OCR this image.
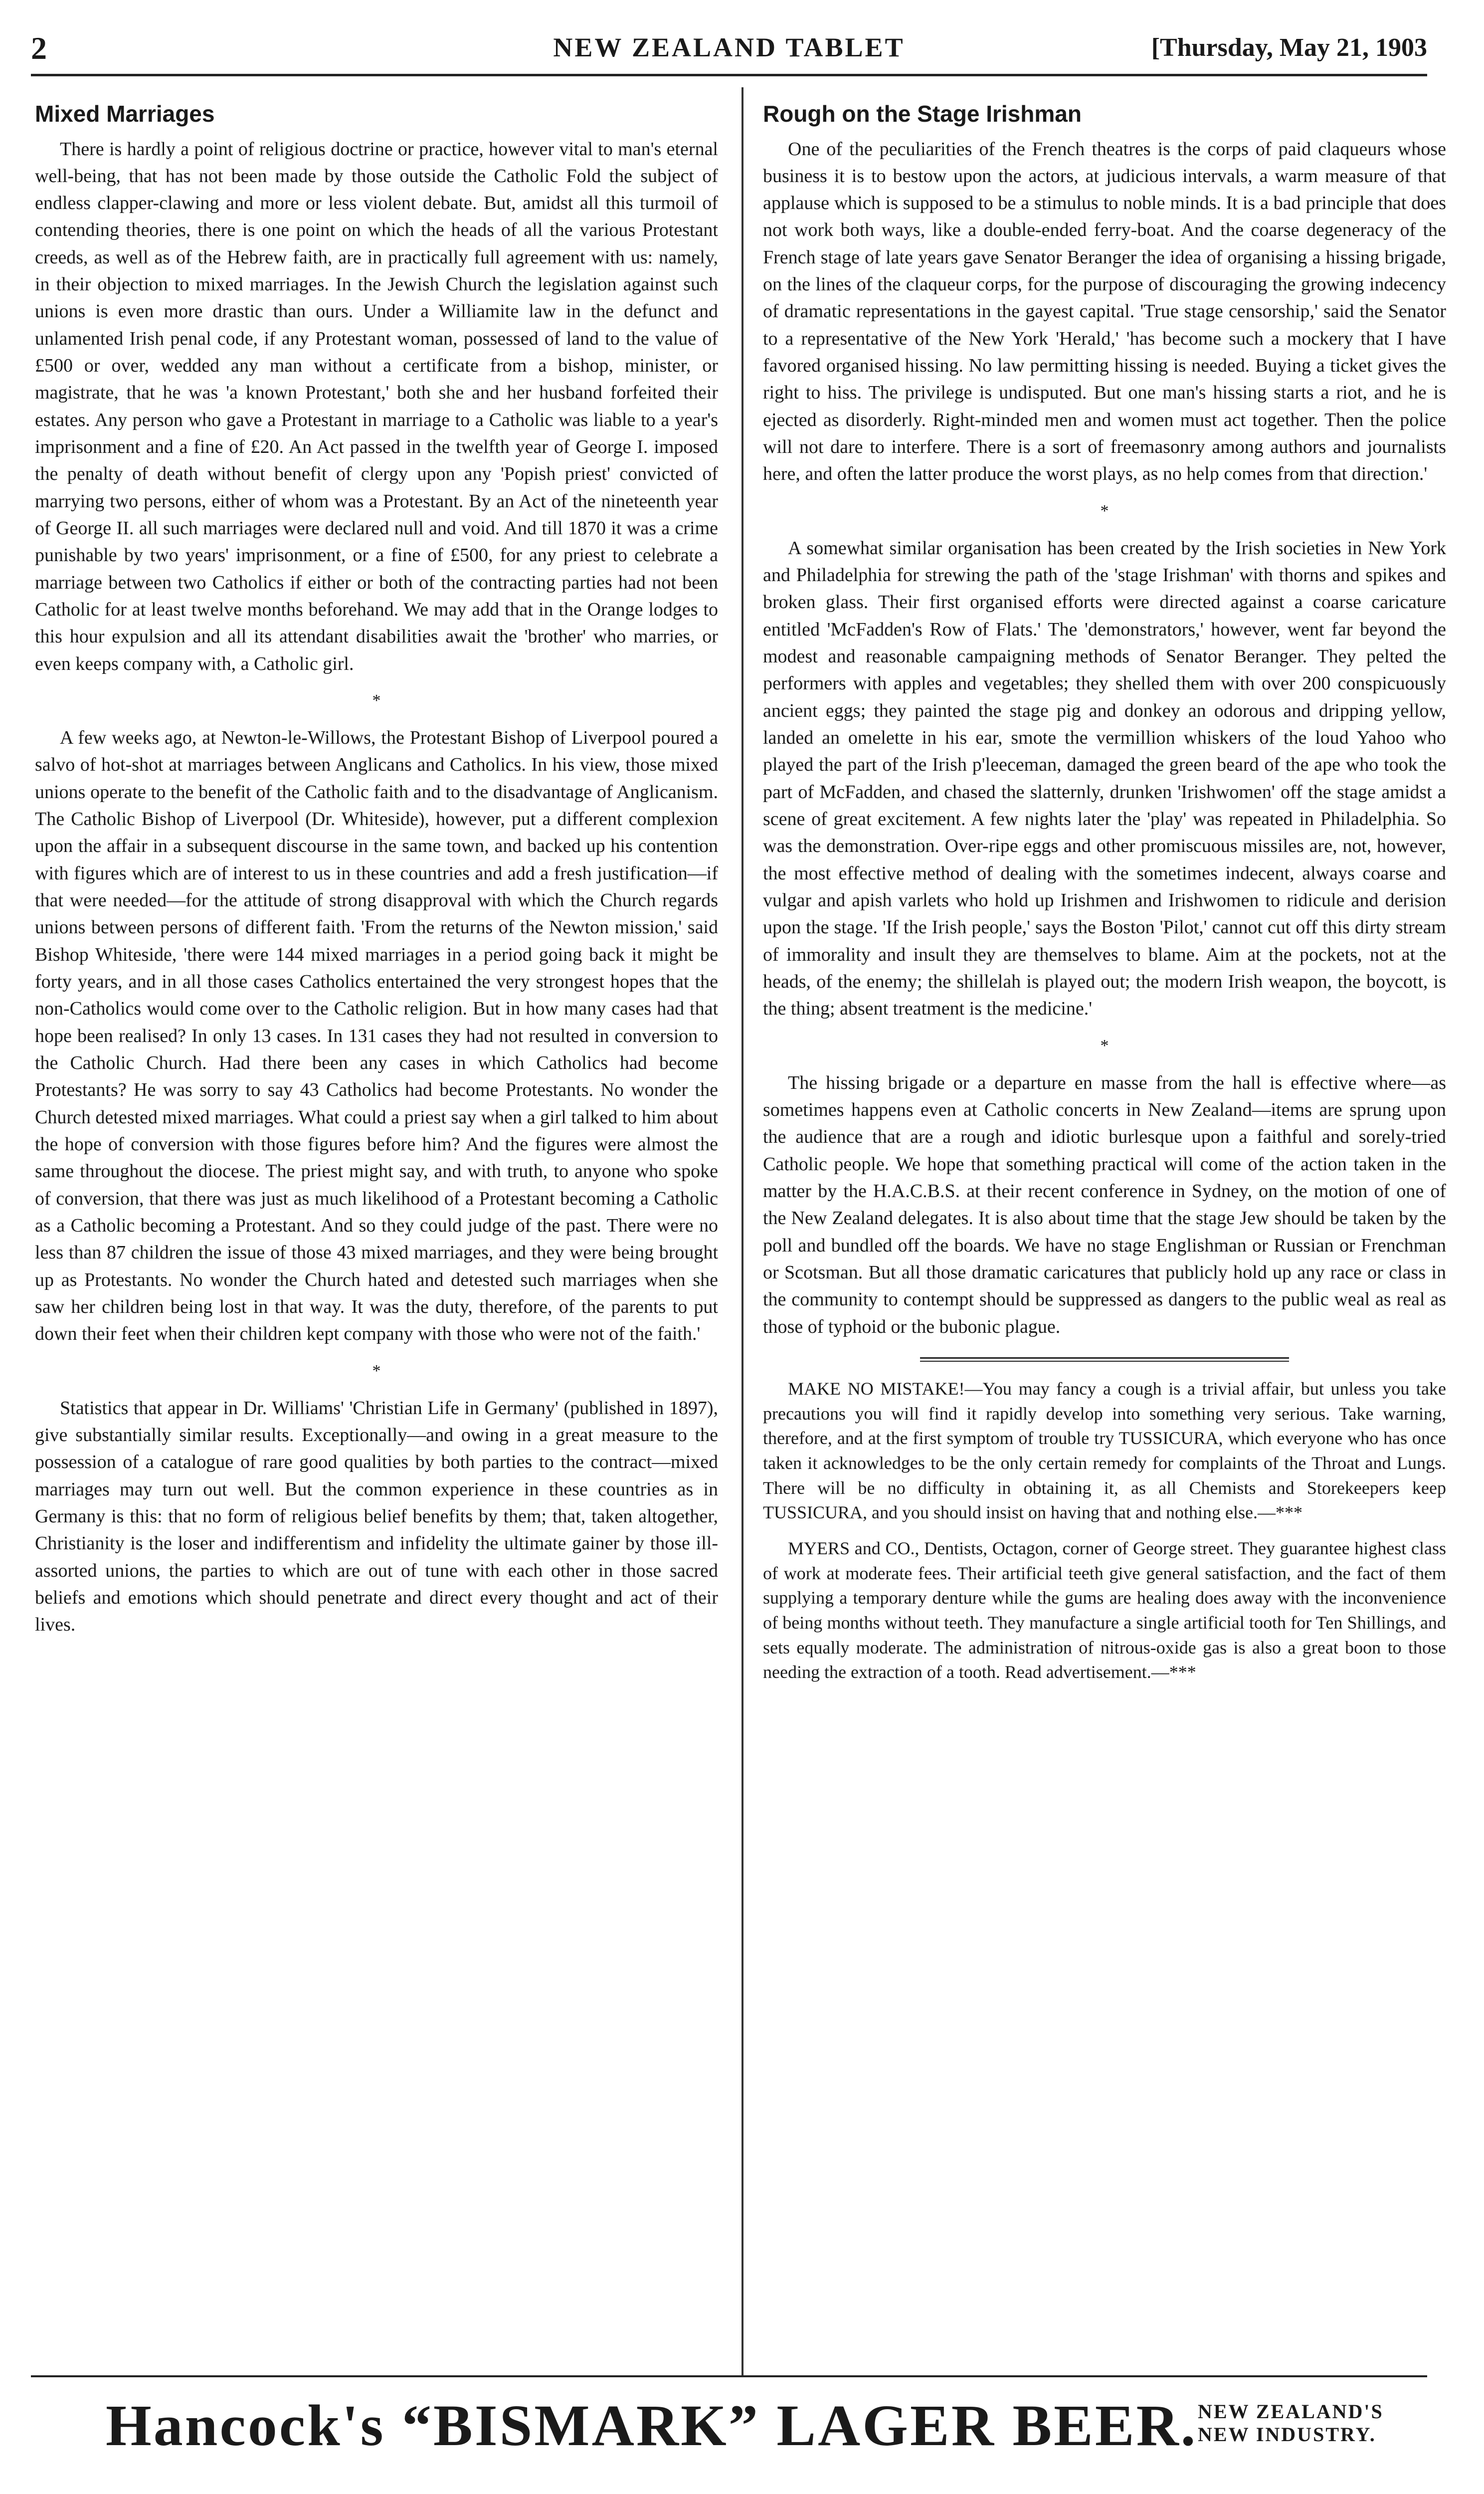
2	NEW ZEALAND TABLET	[Thursday, May 21, 1903
Mixed Marriages

There is hardly a point of religious doctrine or practice, however vital to man's eternal well-being, that has not been made by those outside the Catholic Fold the subject of endless clapper-clawing and more or less violent debate. But, amidst all this turmoil of contending theories, there is one point on which the heads of all the various Protestant creeds, as well as of the Hebrew faith, are in practically full agreement with us: namely, in their objection to mixed marriages. In the Jewish Church the legislation against such unions is even more drastic than ours. Under a Williamite law in the defunct and unlamented Irish penal code, if any Protestant woman, possessed of land to the value of £500 or over, wedded any man without a certificate from a bishop, minister, or magistrate, that he was 'a known Protestant,' both she and her husband forfeited their estates. Any person who gave a Protestant in marriage to a Catholic was liable to a year's imprisonment and a fine of £20. An Act passed in the twelfth year of George I. imposed the penalty of death without benefit of clergy upon any 'Popish priest' convicted of marrying two persons, either of whom was a Protestant. By an Act of the nineteenth year of George II. all such marriages were declared null and void. And till 1870 it was a crime punishable by two years' imprisonment, or a fine of £500, for any priest to celebrate a marriage between two Catholics if either or both of the contracting parties had not been Catholic for at least twelve months beforehand. We may add that in the Orange lodges to this hour expulsion and all its attendant disabilities await the 'brother' who marries, or even keeps company with, a Catholic girl.

*

A few weeks ago, at Newton-le-Willows, the Protestant Bishop of Liverpool poured a salvo of hot-shot at marriages between Anglicans and Catholics. In his view, those mixed unions operate to the benefit of the Catholic faith and to the disadvantage of Anglicanism. The Catholic Bishop of Liverpool (Dr. Whiteside), however, put a different complexion upon the affair in a subsequent discourse in the same town, and backed up his contention with figures which are of interest to us in these countries and add a fresh justification—if that were needed—for the attitude of strong disapproval with which the Church regards unions between persons of different faith. 'From the returns of the Newton mission,' said Bishop Whiteside, 'there were 144 mixed marriages in a period going back it might be forty years, and in all those cases Catholics entertained the very strongest hopes that the non-Catholics would come over to the Catholic religion. But in how many cases had that hope been realised? In only 13 cases. In 131 cases they had not resulted in conversion to the Catholic Church. Had there been any cases in which Catholics had become Protestants? He was sorry to say 43 Catholics had become Protestants. No wonder the Church detested mixed marriages. What could a priest say when a girl talked to him about the hope of conversion with those figures before him? And the figures were almost the same throughout the diocese. The priest might say, and with truth, to anyone who spoke of conversion, that there was just as much likelihood of a Protestant becoming a Catholic as a Catholic becoming a Protestant. And so they could judge of the past. There were no less than 87 children the issue of those 43 mixed marriages, and they were being brought up as Protestants. No wonder the Church hated and detested such marriages when she saw her children being lost in that way. It was the duty, therefore, of the parents to put down their feet when their children kept company with those who were not of the faith.'

*

Statistics that appear in Dr. Williams' 'Christian Life in Germany' (published in 1897), give substantially similar results. Exceptionally—and owing in a great measure to the possession of a catalogue of rare good qualities by both parties to the contract—mixed marriages may turn out well. But the common experience in these countries as in Germany is this: that no form of religious belief benefits by them; that, taken altogether, Christianity is the loser and indifferentism and infidelity the ultimate gainer by those ill-assorted unions, the parties to which are out of tune with each other in those sacred beliefs and emotions which should penetrate and direct every thought and act of their lives.

Rough on the Stage Irishman

One of the peculiarities of the French theatres is the corps of paid claqueurs whose business it is to bestow upon the actors, at judicious intervals, a warm measure of that applause which is supposed to be a stimulus to noble minds. It is a bad principle that does not work both ways, like a double-ended ferry-boat. And the coarse degeneracy of the French stage of late years gave Senator Beranger the idea of organising a hissing brigade, on the lines of the claqueur corps, for the purpose of discouraging the growing indecency of dramatic representations in the gayest capital. 'True stage censorship,' said the Senator to a representative of the New York 'Herald,' 'has become such a mockery that I have favored organised hissing. No law permitting hissing is needed. Buying a ticket gives the right to hiss. The privilege is undisputed. But one man's hissing starts a riot, and he is ejected as disorderly. Right-minded men and women must act together. Then the police will not dare to interfere. There is a sort of freemasonry among authors and journalists here, and often the latter produce the worst plays, as no help comes from that direction.'

*

A somewhat similar organisation has been created by the Irish societies in New York and Philadelphia for strewing the path of the 'stage Irishman' with thorns and spikes and broken glass. Their first organised efforts were directed against a coarse caricature entitled 'McFadden's Row of Flats.' The 'demonstrators,' however, went far beyond the modest and reasonable campaigning methods of Senator Beranger. They pelted the performers with apples and vegetables; they shelled them with over 200 conspicuously ancient eggs; they painted the stage pig and donkey an odorous and dripping yellow, landed an omelette in his ear, smote the vermillion whiskers of the loud Yahoo who played the part of the Irish p'leeceman, damaged the green beard of the ape who took the part of McFadden, and chased the slatternly, drunken 'Irishwomen' off the stage amidst a scene of great excitement. A few nights later the 'play' was repeated in Philadelphia. So was the demonstration. Over-ripe eggs and other promiscuous missiles are, not, however, the most effective method of dealing with the sometimes indecent, always coarse and vulgar and apish varlets who hold up Irishmen and Irishwomen to ridicule and derision upon the stage. 'If the Irish people,' says the Boston 'Pilot,' cannot cut off this dirty stream of immorality and insult they are themselves to blame. Aim at the pockets, not at the heads, of the enemy; the shillelah is played out; the modern Irish weapon, the boycott, is the thing; absent treatment is the medicine.'

*

The hissing brigade or a departure en masse from the hall is effective where—as sometimes happens even at Catholic concerts in New Zealand—items are sprung upon the audience that are a rough and idiotic burlesque upon a faithful and sorely-tried Catholic people. We hope that something practical will come of the action taken in the matter by the H.A.C.B.S. at their recent conference in Sydney, on the motion of one of the New Zealand delegates. It is also about time that the stage Jew should be taken by the poll and bundled off the boards. We have no stage Englishman or Russian or Frenchman or Scotsman. But all those dramatic caricatures that publicly hold up any race or class in the community to contempt should be suppressed as dangers to the public weal as real as those of typhoid or the bubonic plague.

MAKE NO MISTAKE!—You may fancy a cough is a trivial affair, but unless you take precautions you will find it rapidly develop into something very serious. Take warning, therefore, and at the first symptom of trouble try TUSSICURA, which everyone who has once taken it acknowledges to be the only certain remedy for complaints of the Throat and Lungs. There will be no difficulty in obtaining it, as all Chemists and Storekeepers keep TUSSICURA, and you should insist on having that and nothing else.—***

MYERS and CO., Dentists, Octagon, corner of George street. They guarantee highest class of work at moderate fees. Their artificial teeth give general satisfaction, and the fact of them supplying a temporary denture while the gums are healing does away with the inconvenience of being months without teeth. They manufacture a single artificial tooth for Ten Shillings, and sets equally moderate. The administration of nitrous-oxide gas is also a great boon to those needing the extraction of a tooth. Read advertisement.—***

Hancock's “BISMARK” LAGER BEER. NEW ZEALAND'S
NEW INDUSTRY.
